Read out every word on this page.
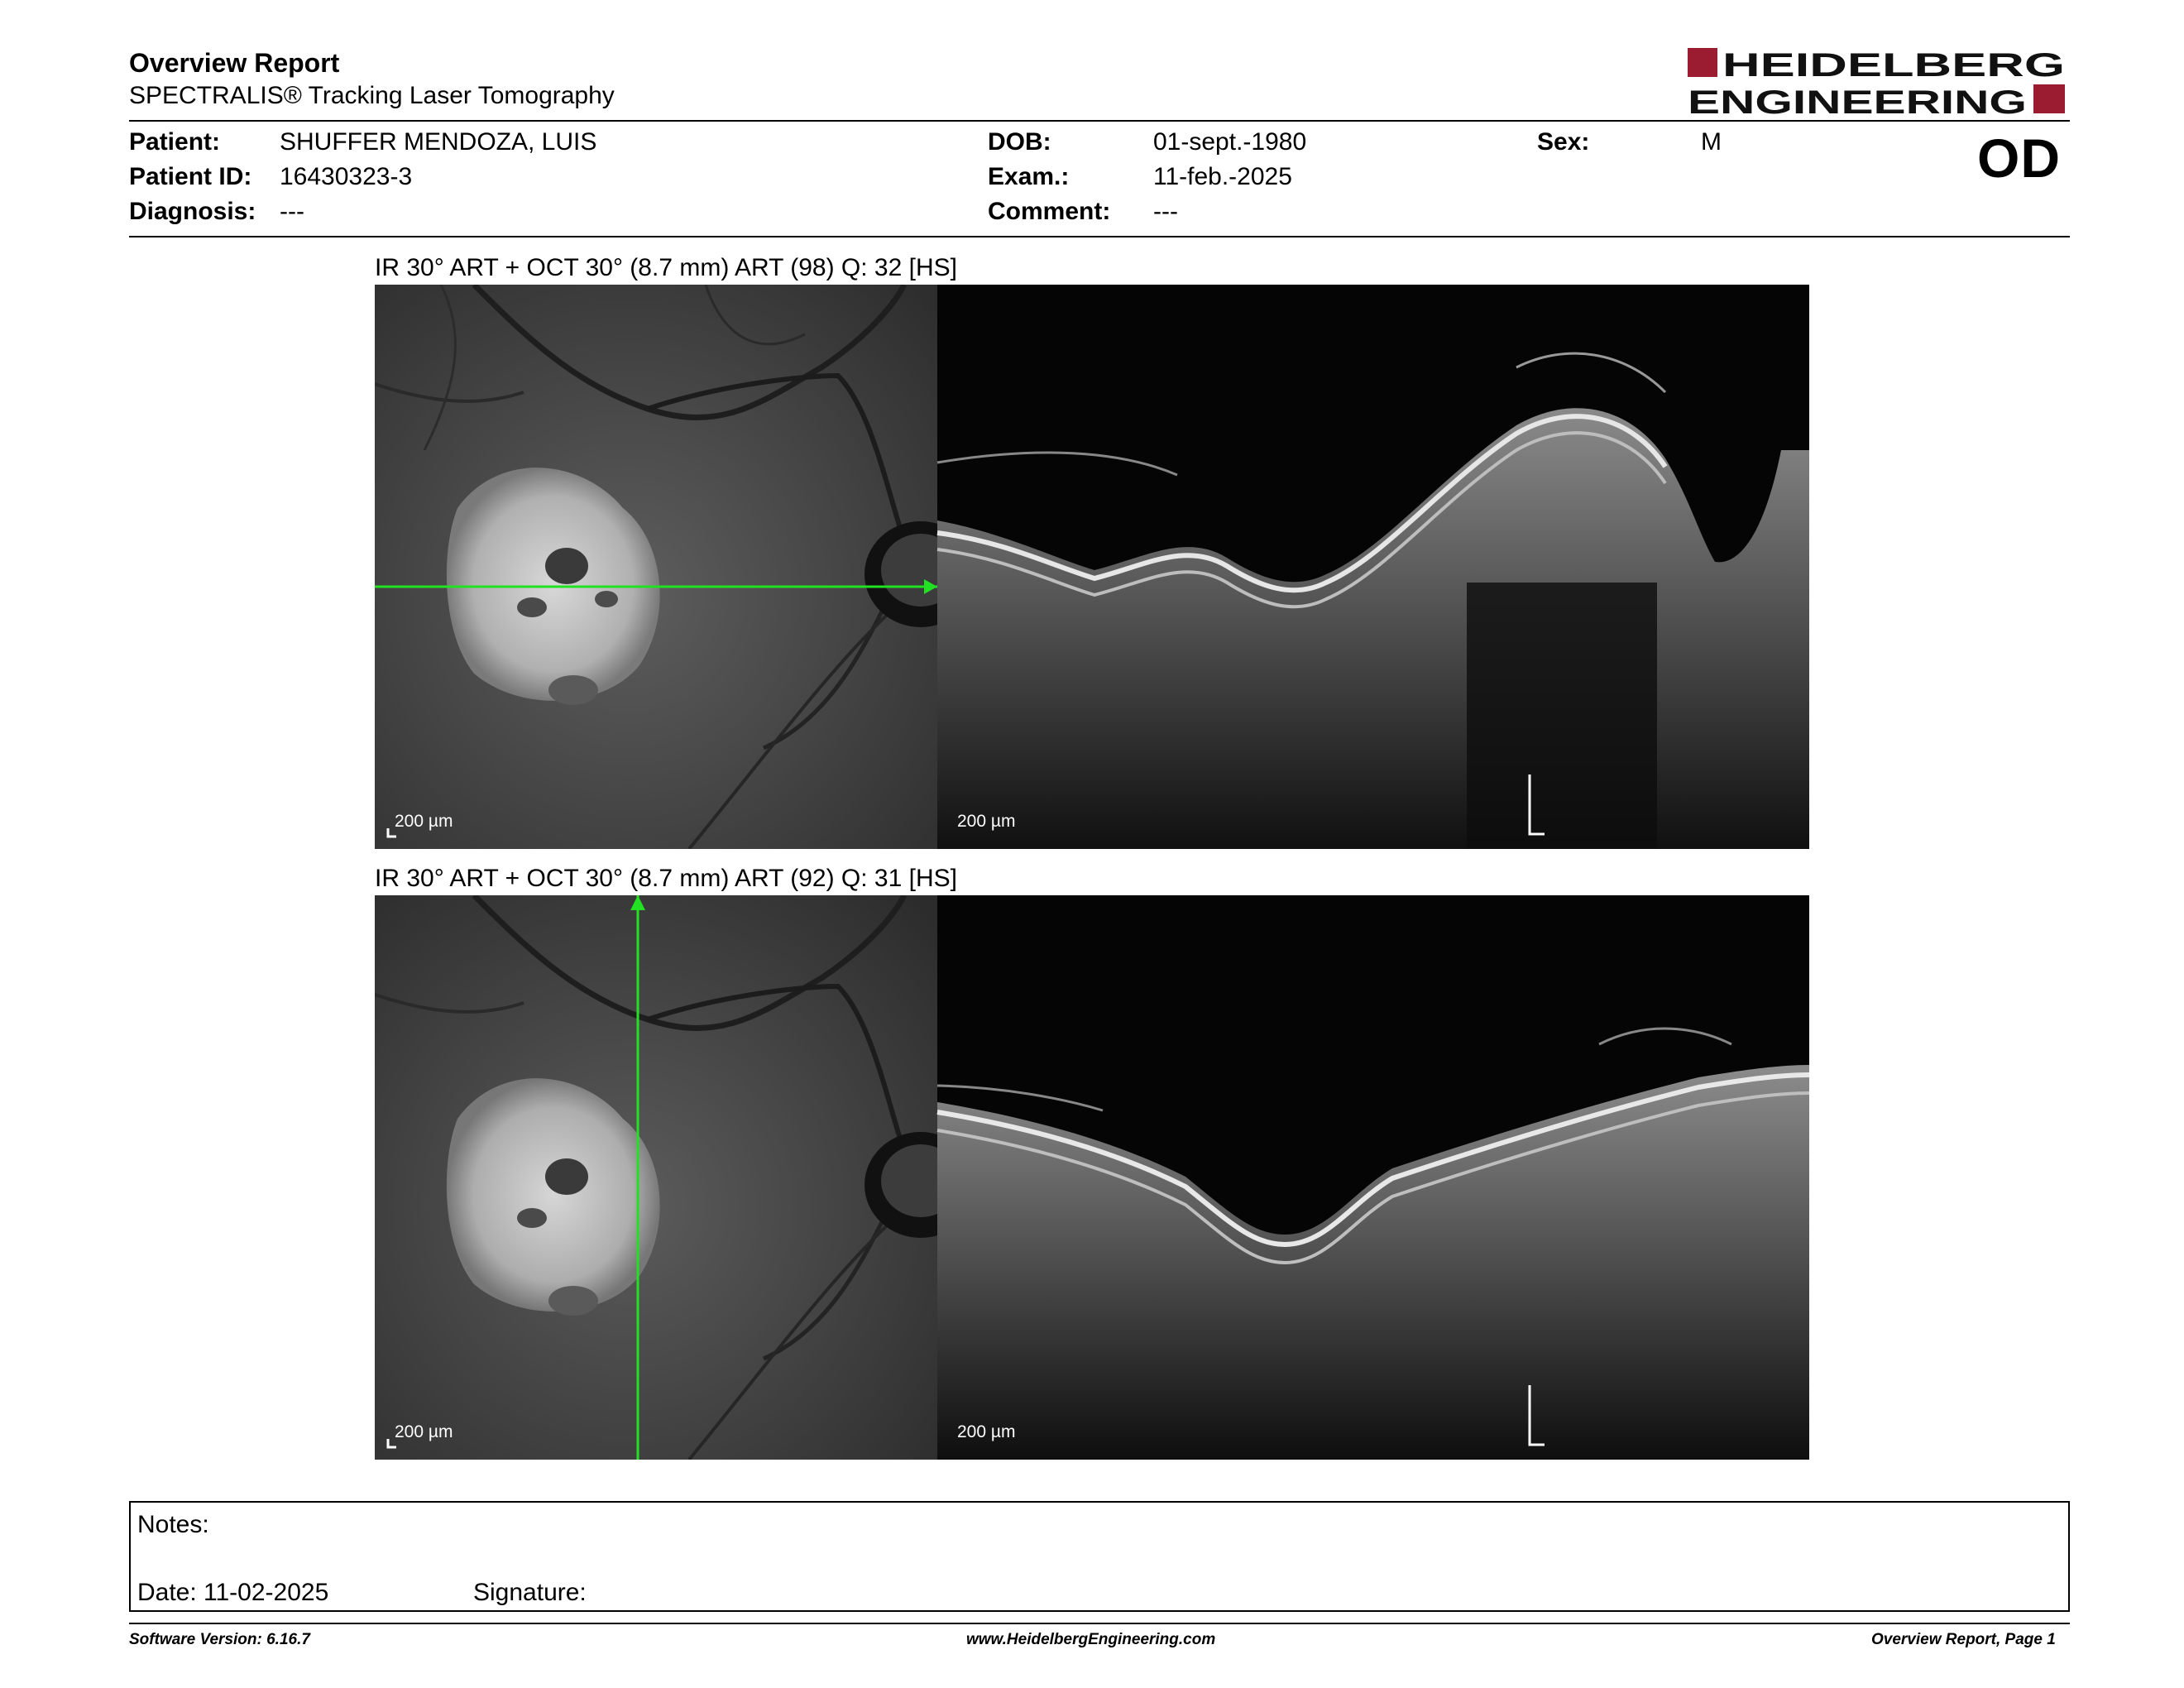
Overview Report
SPECTRALIS® Tracking Laser Tomography
HEIDELBERG
ENGINEERING
Patient: SHUFFER MENDOZA, LUIS
Patient ID: 16430323-3
Diagnosis: ---
DOB:	01-sept.-1980
Exam.:	11-feb.-2025
Comment: ---
Sex:	M	OD
IR 30° ART + OCT 30° (8.7 mm) ART (98) Q: 32 [HS]
200 µm	200 µm
IR 30° ART + OCT 30° (8.7 mm) ART (92) Q: 31 [HS]
200 µm	200 µm
Notes:
Date: 11-02-2025	Signature:
Software Version: 6.16.7	www.HeidelbergEngineering.com	Overview Report, Page 1
